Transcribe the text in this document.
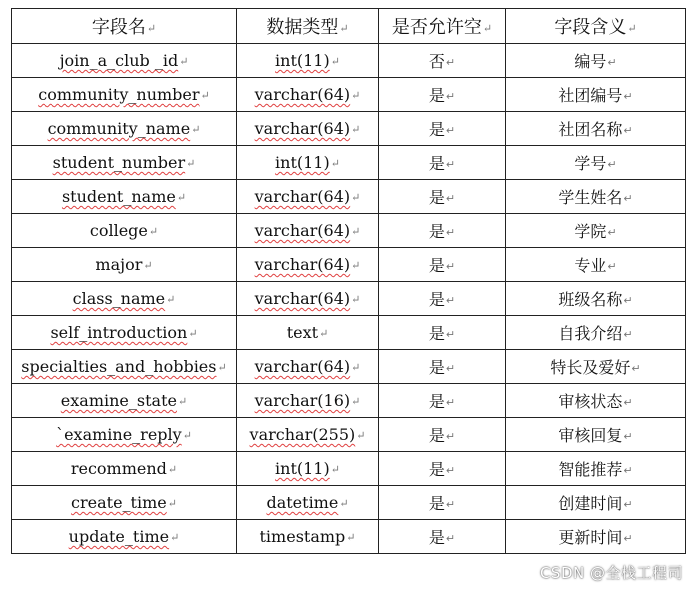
字段名↵	数据类型↵	是否允许空↵	字段含义↵
join_a_club _id↵	int(11)↵	否↵	编号↵
community_number↵	varchar(64)↵	是↵	社团编号↵
community_name↵	varchar(64)↵	是↵	社团名称↵
student_number↵	int(11)↵	是↵	学号↵
student_name↵	varchar(64)↵	是↵	学生姓名↵
college↵	varchar(64)↵	是↵	学院↵
major↵	varchar(64)↵	是↵	专业↵
class_name↵	varchar(64)↵	是↵	班级名称↵
self_introduction↵	text↵	是↵	自我介绍↵
specialties_and_hobbies↵	varchar(64)↵	是↵	特长及爱好↵
examine_state↵	varchar(16)↵	是↵	审核状态↵
`examine_reply↵	varchar(255)↵	是↵	审核回复↵
recommend↵	int(11)↵	是↵	智能推荐↵
create_time↵	datetime↵	是↵	创建时间↵
update_time↵	timestamp↵	是↵	更新时间↵
CSDN @全栈工程司
